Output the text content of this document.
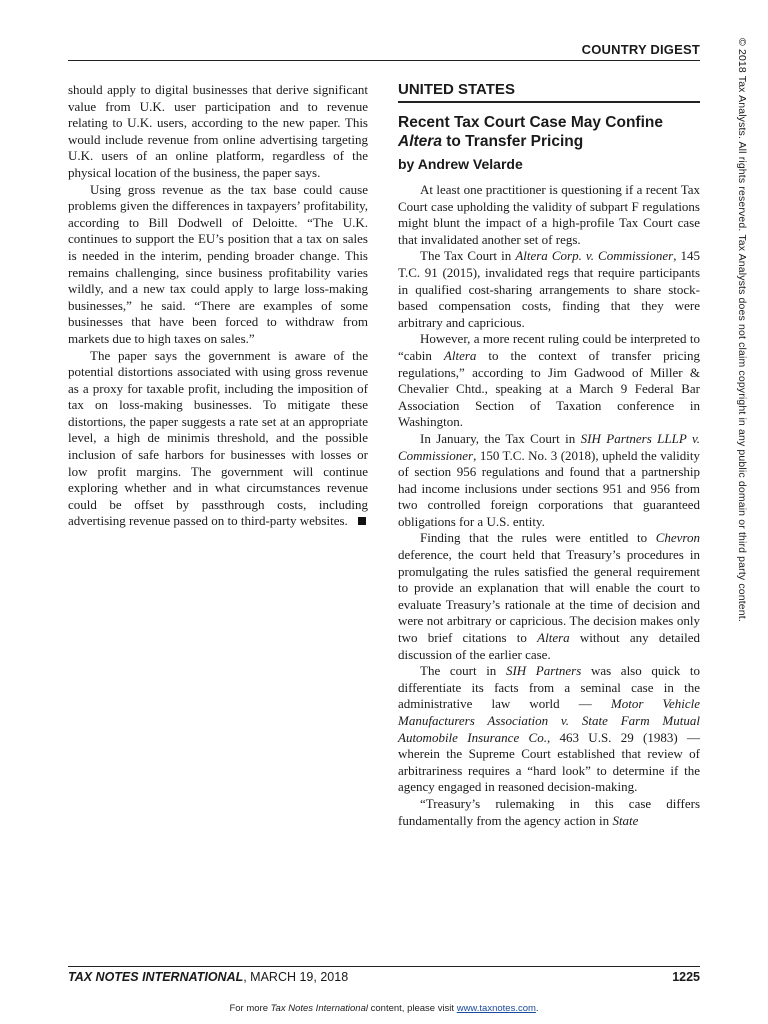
COUNTRY DIGEST

should apply to digital businesses that derive significant value from U.K. user participation and to revenue relating to U.K. users, according to the new paper. This would include revenue from online advertising targeting U.K. users of an online platform, regardless of the physical location of the business, the paper says.

Using gross revenue as the tax base could cause problems given the differences in taxpayers’ profitability, according to Bill Dodwell of Deloitte. “The U.K. continues to support the EU’s position that a tax on sales is needed in the interim, pending broader change. This remains challenging, since business profitability varies wildly, and a new tax could apply to large loss-making businesses,” he said. “There are examples of some businesses that have been forced to withdraw from markets due to high taxes on sales.”

The paper says the government is aware of the potential distortions associated with using gross revenue as a proxy for taxable profit, including the imposition of tax on loss-making businesses. To mitigate these distortions, the paper suggests a rate set at an appropriate level, a high de minimis threshold, and the possible inclusion of safe harbors for businesses with losses or low profit margins. The government will continue exploring whether and in what circumstances revenue could be offset by passthrough costs, including advertising revenue passed on to third-party websites.

UNITED STATES
Recent Tax Court Case May Confine
Altera to Transfer Pricing
by Andrew Velarde

At least one practitioner is questioning if a recent Tax Court case upholding the validity of subpart F regulations might blunt the impact of a high-profile Tax Court case that invalidated another set of regs.

The Tax Court in Altera Corp. v. Commissioner, 145 T.C. 91 (2015), invalidated regs that require participants in qualified cost-sharing arrangements to share stock-based compensation costs, finding that they were arbitrary and capricious.

However, a more recent ruling could be interpreted to “cabin Altera to the context of transfer pricing regulations,” according to Jim Gadwood of Miller & Chevalier Chtd., speaking at a March 9 Federal Bar Association Section of Taxation conference in Washington.

In January, the Tax Court in SIH Partners LLLP v. Commissioner, 150 T.C. No. 3 (2018), upheld the validity of section 956 regulations and found that a partnership had income inclusions under sections 951 and 956 from two controlled foreign corporations that guaranteed obligations for a U.S. entity.

Finding that the rules were entitled to Chevron deference, the court held that Treasury’s procedures in promulgating the rules satisfied the general requirement to provide an explanation that will enable the court to evaluate Treasury’s rationale at the time of decision and were not arbitrary or capricious. The decision makes only two brief citations to Altera without any detailed discussion of the earlier case.

The court in SIH Partners was also quick to differentiate its facts from a seminal case in the administrative law world — Motor Vehicle Manufacturers Association v. State Farm Mutual Automobile Insurance Co., 463 U.S. 29 (1983) — wherein the Supreme Court established that review of arbitrariness requires a “hard look” to determine if the agency engaged in reasoned decision-making.

“Treasury’s rulemaking in this case differs fundamentally from the agency action in State

TAX NOTES INTERNATIONAL, MARCH 19, 2018	1225
For more Tax Notes International content, please visit www.taxnotes.com.
© 2018 Tax Analysts. All rights reserved. Tax Analysts does not claim copyright in any public domain or third party content.
